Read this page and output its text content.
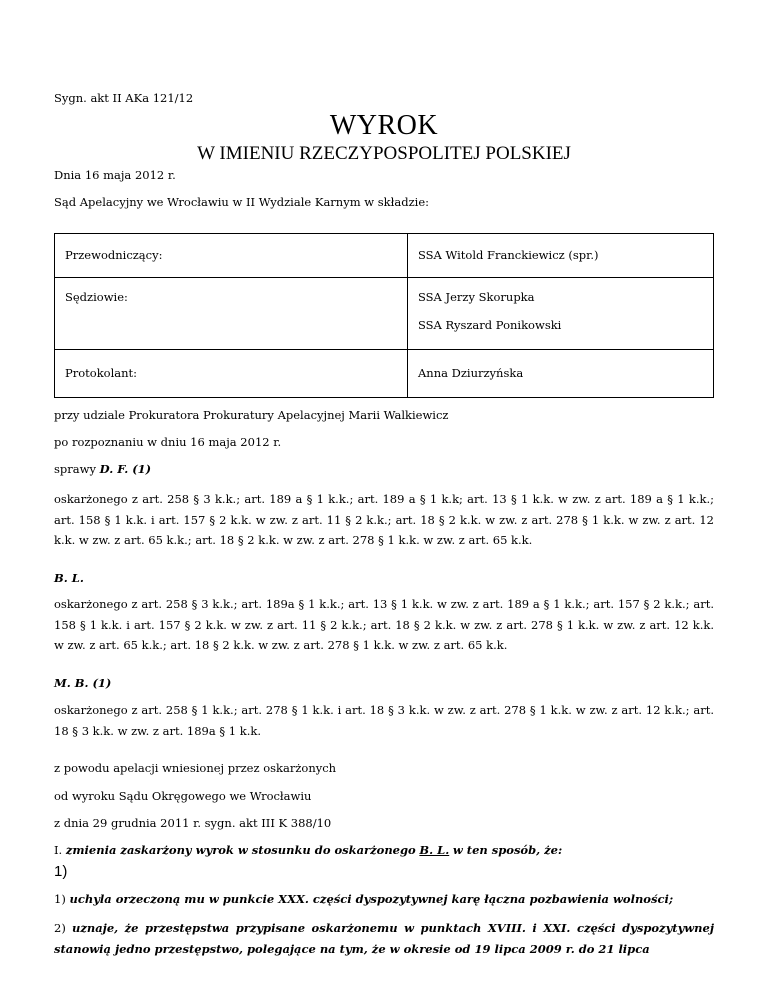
Sygn. akt II AKa 121/12
WYROK
W IMIENIU RZECZYPOSPOLITEJ POLSKIEJ

Dnia 16 maja 2012 r.

Sąd Apelacyjny we Wrocławiu w II Wydziale Karnym w składzie:

Przewodniczący:	SSA Witold Franckiewicz (spr.)

Sędziowie:	SSA Jerzy Skorupka
SSA Ryszard Ponikowski

Protokolant:	Anna Dziurzyńska

przy udziale Prokuratora Prokuratury Apelacyjnej Marii Walkiewicz

po rozpoznaniu w dniu 16 maja 2012 r.

sprawy D. F. (1)

oskarżonego z art. 258 § 3 k.k.; art. 189 a § 1 k.k.; art. 189 a § 1 k.k; art. 13 § 1 k.k. w zw. z art. 189 a § 1 k.k.; art. 158 § 1 k.k. i art. 157 § 2 k.k. w zw. z art. 11 § 2 k.k.; art. 18 § 2 k.k. w zw. z art. 278 § 1 k.k. w zw. z art. 12 k.k. w zw. z art. 65 k.k.; art. 18 § 2 k.k. w zw. z art. 278 § 1 k.k. w zw. z art. 65 k.k.

B. L.

oskarżonego z art. 258 § 3 k.k.; art. 189a § 1 k.k.; art. 13 § 1 k.k. w zw. z art. 189 a § 1 k.k.; art. 157 § 2 k.k.; art. 158 § 1 k.k. i art. 157 § 2 k.k. w zw. z art. 11 § 2 k.k.; art. 18 § 2 k.k. w zw. z art. 278 § 1 k.k. w zw. z art. 12 k.k. w zw. z art. 65 k.k.; art. 18 § 2 k.k. w zw. z art. 278 § 1 k.k. w zw. z art. 65 k.k.

M. B. (1)

oskarżonego z art. 258 § 1 k.k.; art. 278 § 1 k.k. i art. 18 § 3 k.k. w zw. z art. 278 § 1 k.k. w zw. z art. 12 k.k.; art. 18 § 3 k.k. w zw. z art. 189a § 1 k.k.

z powodu apelacji wniesionej przez oskarżonych

od wyroku Sądu Okręgowego we Wrocławiu

z dnia 29 grudnia 2011 r. sygn. akt III K 388/10

I. zmienia zaskarżony wyrok w stosunku do oskarżonego B. L. w ten sposób, że:

1)

1) uchyla orzeczoną mu w punkcie XXX. części dyspozytywnej karę łączna pozbawienia wolności;

2) uznaje, że przestępstwa przypisane oskarżonemu w punktach XVIII. i XXI. części dyspozytywnej stanowią jedno przestępstwo, polegające na tym, że w okresie od 19 lipca 2009 r. do 21 lipca
